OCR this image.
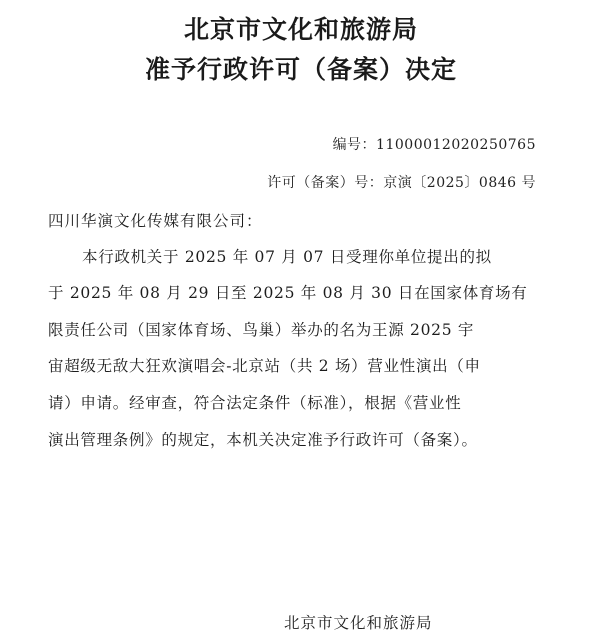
北京市文化和旅游局
准予行政许可（备案）决定
编号：11000012020250765
许可（备案）号：京演〔2025〕0846 号
四川华演文化传媒有限公司：
本行政机关于 2025 年 07 月 07 日受理你单位提出的拟
于 2025 年 08 月 29 日至 2025 年 08 月 30 日在国家体育场有
限责任公司（国家体育场、鸟巢）举办的名为王源 2025 宇
宙超级无敌大狂欢演唱会-北京站（共 2 场）营业性演出（申
请）申请。经审查，符合法定条件（标准），根据《营业性
演出管理条例》的规定，本机关决定准予行政许可（备案）。
北京市文化和旅游局
